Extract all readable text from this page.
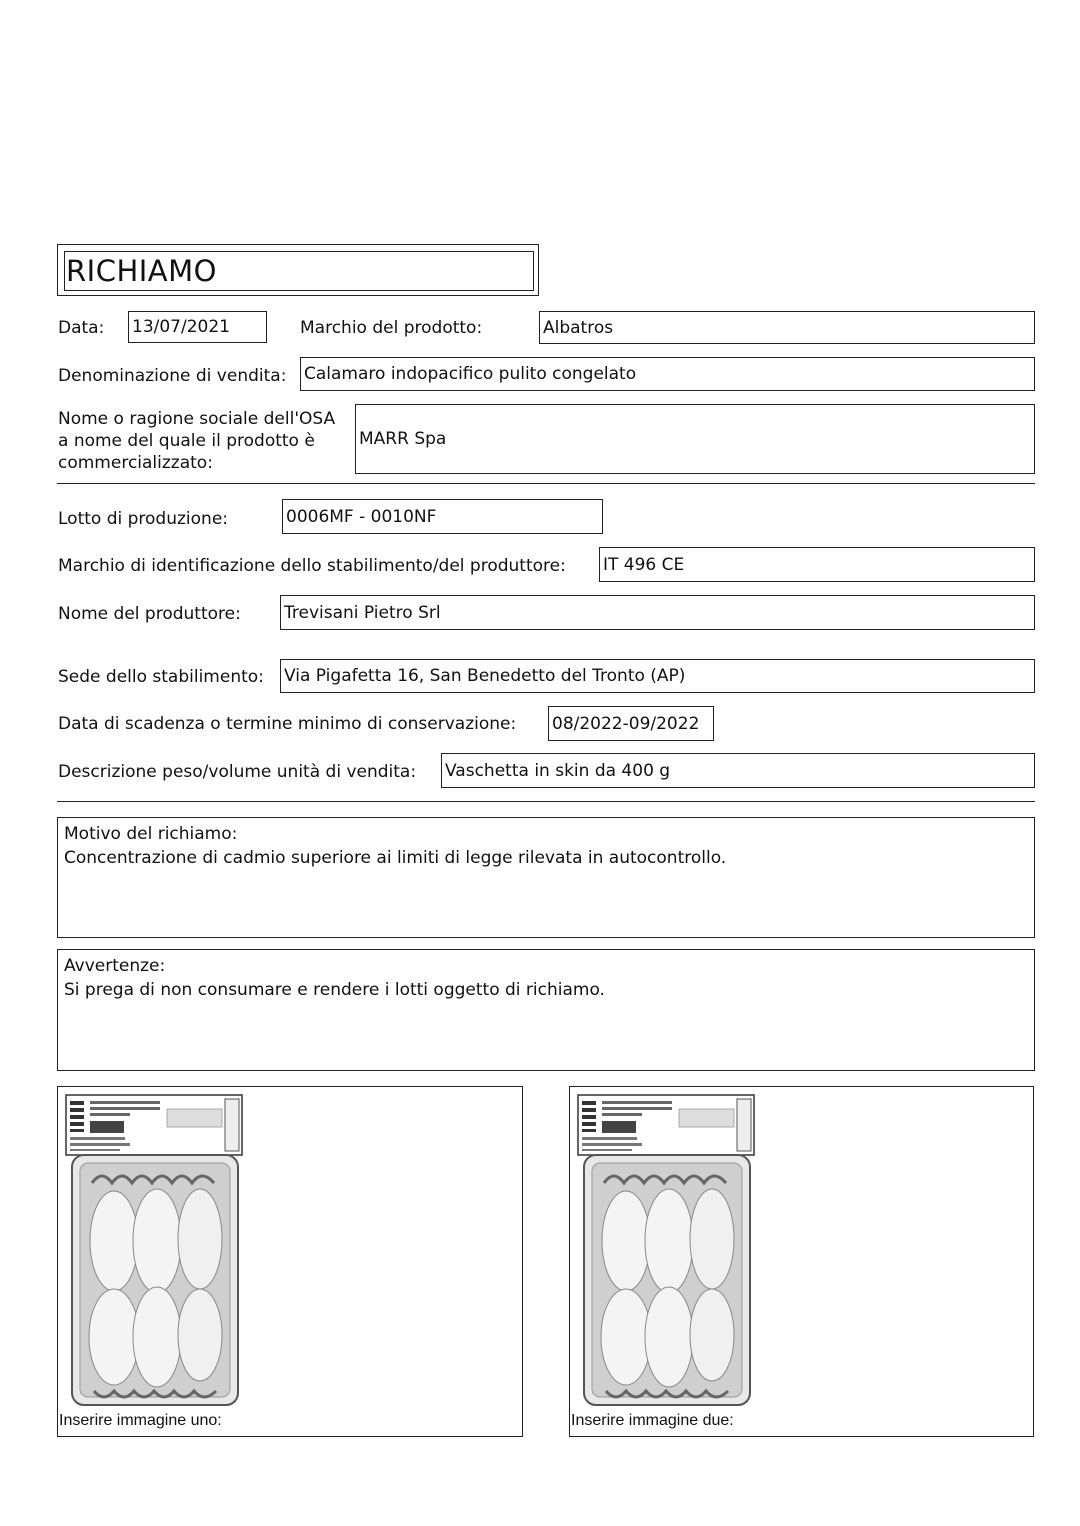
RICHIAMO
Data: 13/07/2021	Marchio del prodotto:	Albatros
Denominazione di vendita: Calamaro indopacifico pulito congelato
Nome o ragione sociale dell'OSA
a nome del quale il prodotto è
commercializzato:
MARR Spa
Lotto di produzione:	0006MF - 0010NF
Marchio di identificazione dello stabilimento/del produttore: IT 496 CE
Nome del produttore:	Trevisani Pietro Srl
Sede dello stabilimento: Via Pigafetta 16, San Benedetto del Tronto (AP)
Data di scadenza o termine minimo di conservazione: 08/2022-09/2022
Descrizione peso/volume unità di vendita: Vaschetta in skin da 400 g
Motivo del richiamo:
Concentrazione di cadmio superiore ai limiti di legge rilevata in autocontrollo.
Avvertenze:
Si prega di non consumare e rendere i lotti oggetto di richiamo.
Inserire immagine uno:	Inserire immagine due:
